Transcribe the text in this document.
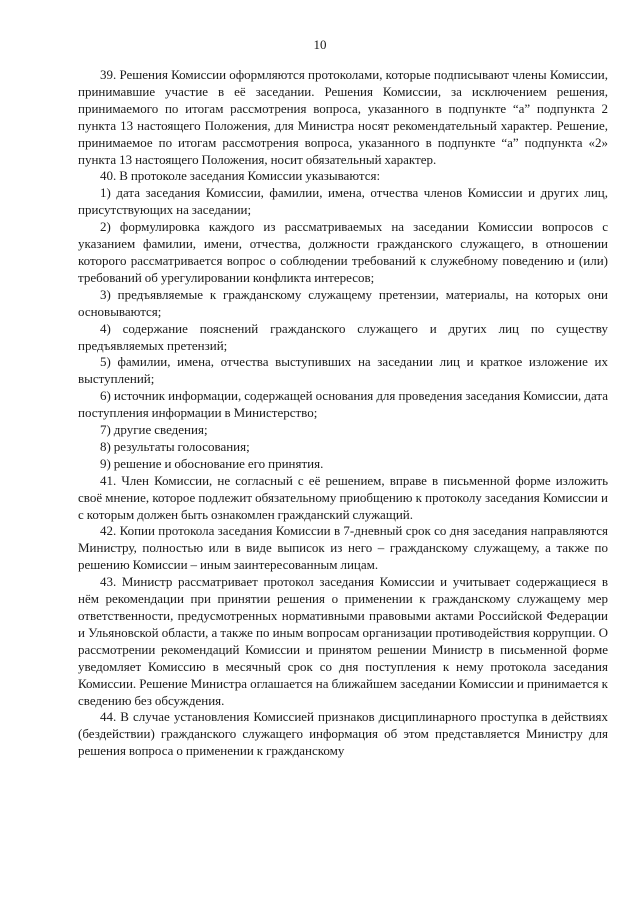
10

39. Решения Комиссии оформляются протоколами, которые подписывают члены Комиссии, принимавшие участие в её заседании. Решения Комиссии, за исключением решения, принимаемого по итогам рассмотрения вопроса, указанного в подпункте “а” подпункта 2 пункта 13 настоящего Положения, для Министра носят рекомендательный характер. Решение, принимаемое по итогам рассмотрения вопроса, указанного в подпункте “а” подпункта «2» пункта 13 настоящего Положения, носит обязательный характер.

40. В протоколе заседания Комиссии указываются:

1) дата заседания Комиссии, фамилии, имена, отчества членов Комиссии и других лиц, присутствующих на заседании;

2) формулировка каждого из рассматриваемых на заседании Комиссии вопросов с указанием фамилии, имени, отчества, должности гражданского служащего, в отношении которого рассматривается вопрос о соблюдении требований к служебному поведению и (или) требований об урегулировании конфликта интересов;

3) предъявляемые к гражданскому служащему претензии, материалы, на которых они основываются;

4) содержание пояснений гражданского служащего и других лиц по существу предъявляемых претензий;

5) фамилии, имена, отчества выступивших на заседании лиц и краткое изложение их выступлений;

6) источник информации, содержащей основания для проведения заседания Комиссии, дата поступления информации в Министерство;

7) другие сведения;

8) результаты голосования;

9) решение и обоснование его принятия.

41. Член Комиссии, не согласный с её решением, вправе в письменной форме изложить своё мнение, которое подлежит обязательному приобщению к протоколу заседания Комиссии и с которым должен быть ознакомлен гражданский служащий.

42. Копии протокола заседания Комиссии в 7-дневный срок со дня заседания направляются Министру, полностью или в виде выписок из него – гражданскому служащему, а также по решению Комиссии – иным заинтересованным лицам.

43. Министр рассматривает протокол заседания Комиссии и учитывает содержащиеся в нём рекомендации при принятии решения о применении к гражданскому служащему мер ответственности, предусмотренных нормативными правовыми актами Российской Федерации и Ульяновской области, а также по иным вопросам организации противодействия коррупции. О рассмотрении рекомендаций Комиссии и принятом решении Министр в письменной форме уведомляет Комиссию в месячный срок со дня поступления к нему протокола заседания Комиссии. Решение Министра оглашается на ближайшем заседании Комиссии и принимается к сведению без обсуждения.

44. В случае установления Комиссией признаков дисциплинарного проступка в действиях (бездействии) гражданского служащего информация об этом представляется Министру для решения вопроса о применении к гражданскому
